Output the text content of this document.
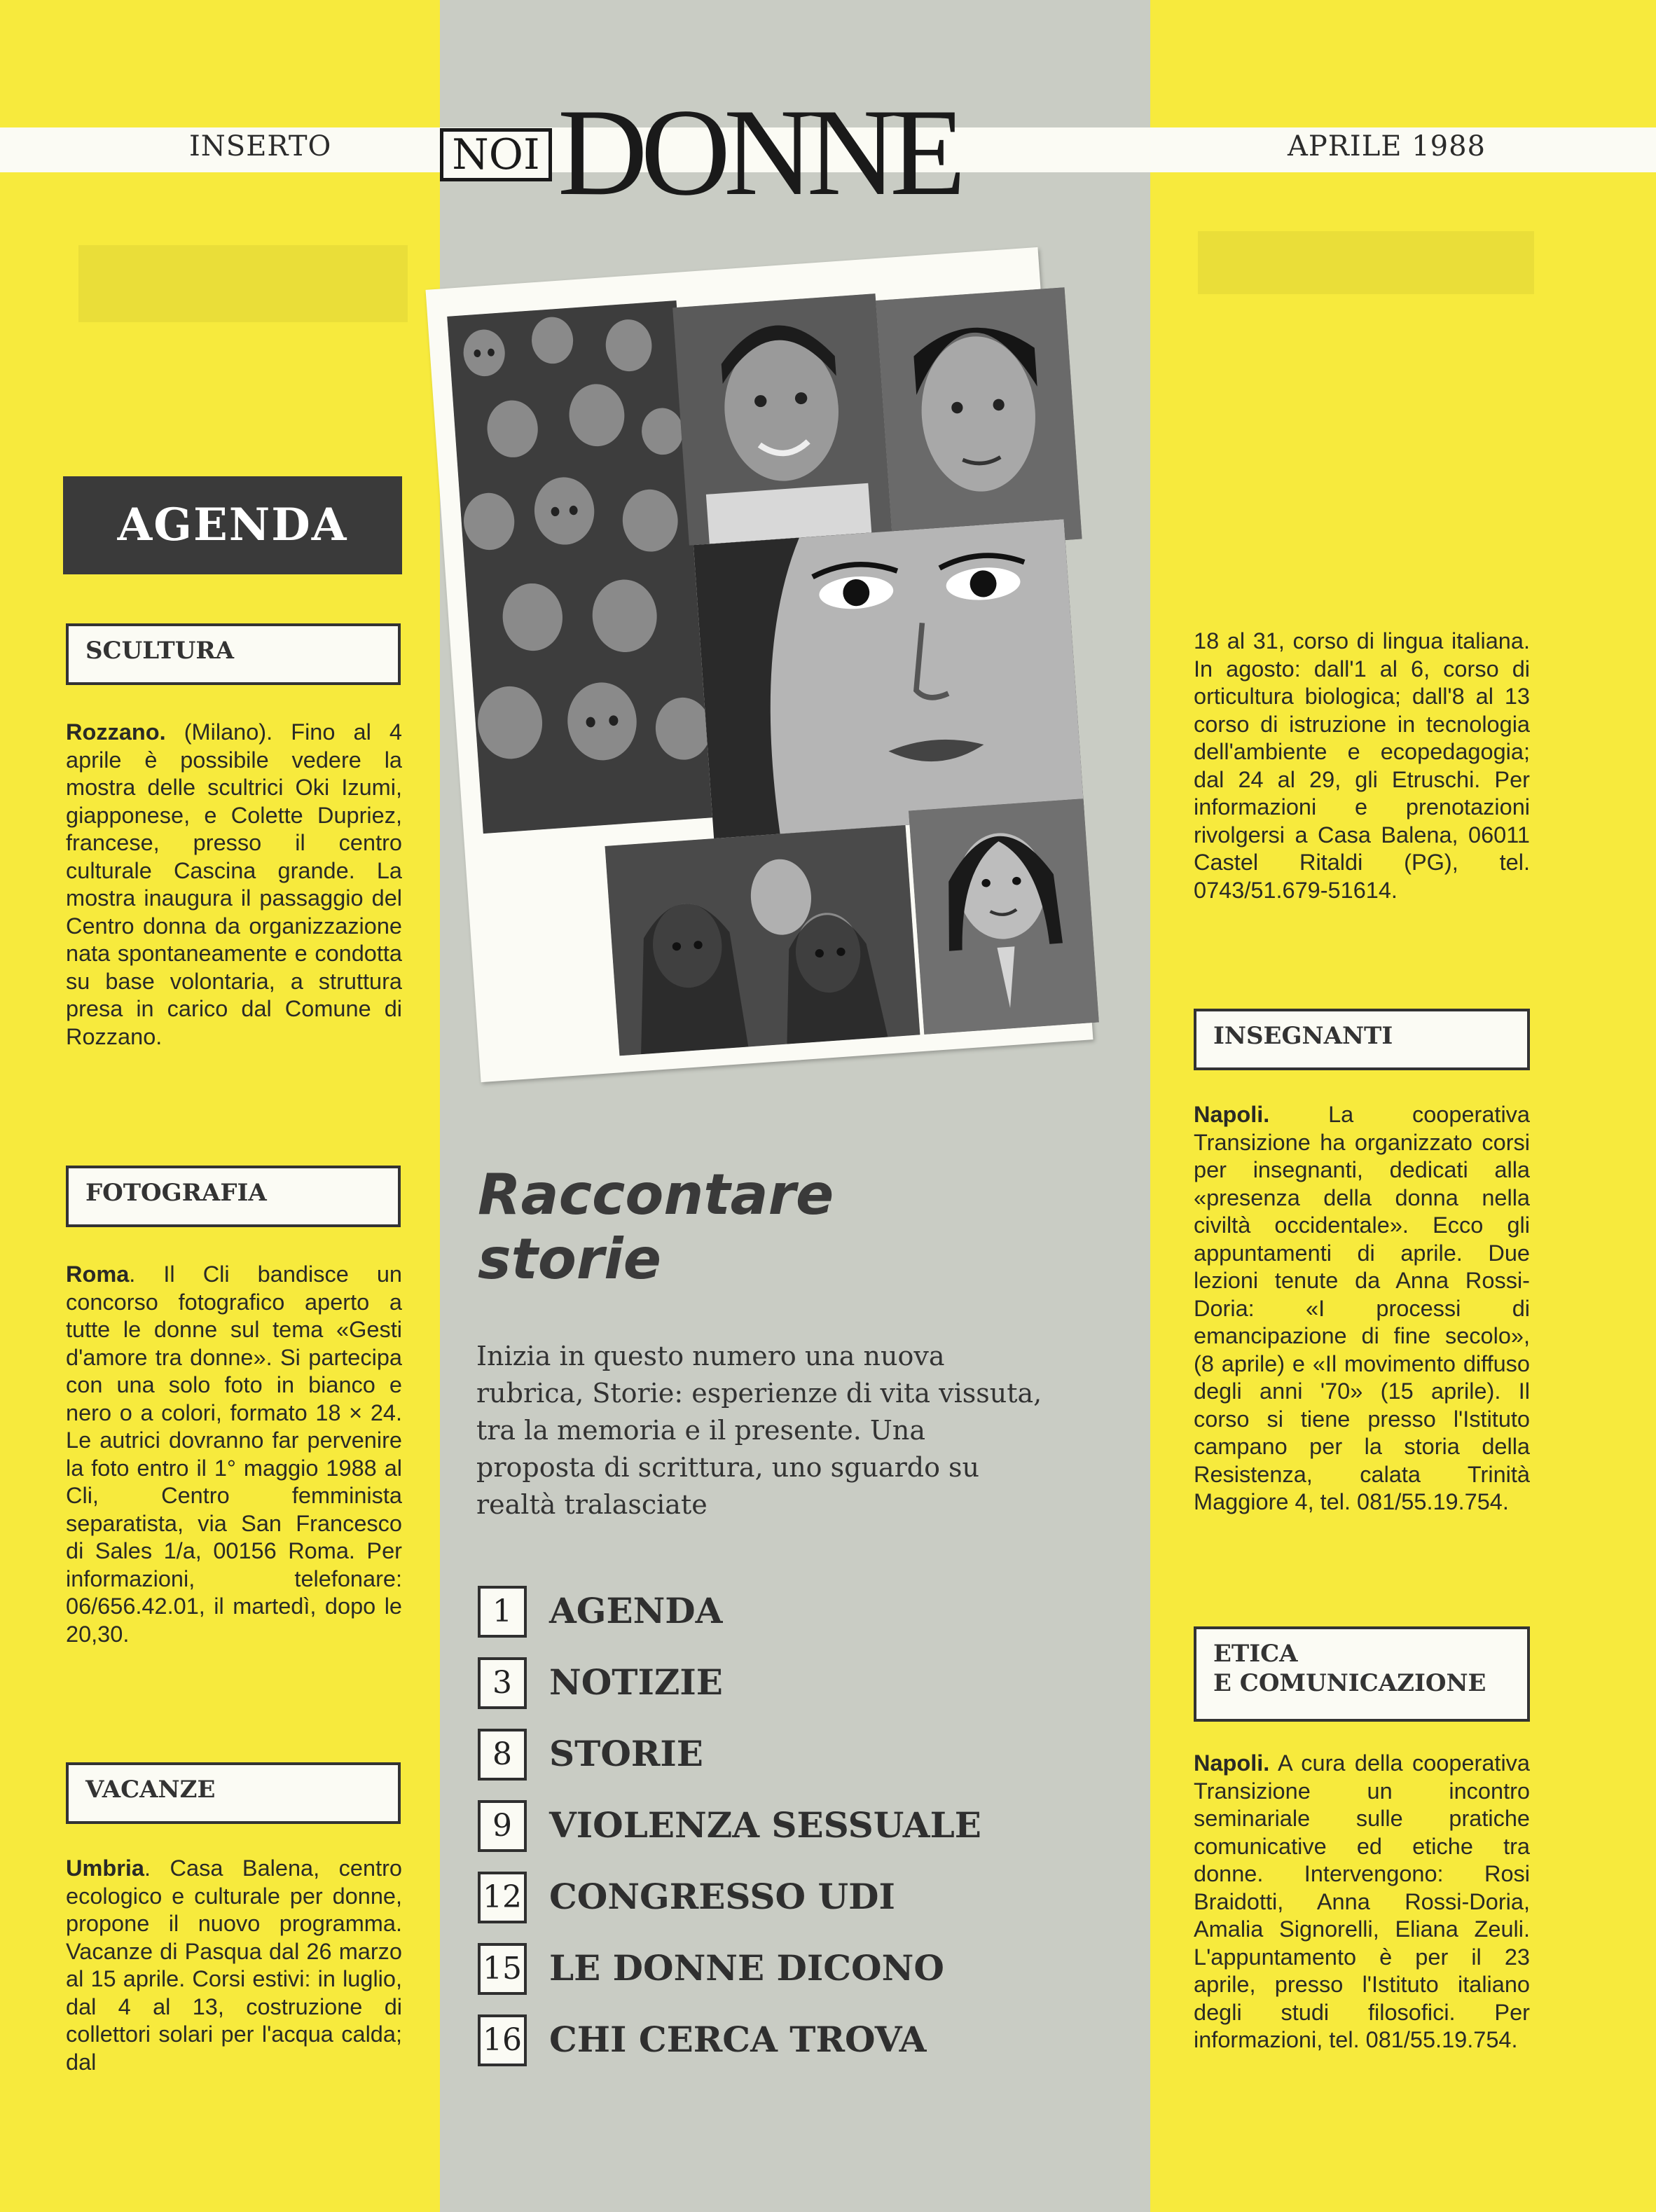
INSERTO	NOI DONNE	APRILE 1988
AGENDA
SCULTURA
Rozzano. (Milano). Fino al 4 aprile è possibile vedere la mostra delle scultrici Oki Izumi, giapponese, e Colette Dupriez, francese, presso il centro culturale Cascina grande. La mostra inaugura il passaggio del Centro donna da organizzazione nata spontaneamente e condotta su base volontaria, a struttura presa in carico dal Comune di Rozzano.
FOTOGRAFIA
Roma. Il Cli bandisce un concorso fotografico aperto a tutte le donne sul tema «Gesti d'amore tra donne». Si partecipa con una solo foto in bianco e nero o a colori, formato 18 × 24. Le autrici dovranno far pervenire la foto entro il 1° maggio 1988 al Cli, Centro femminista separatista, via San Francesco di Sales 1/a, 00156 Roma. Per informazioni, telefonare: 06/656.42.01, il martedì, dopo le 20,30.
VACANZE
Umbria. Casa Balena, centro ecologico e culturale per donne, propone il nuovo programma. Vacanze di Pasqua dal 26 marzo al 15 aprile. Corsi estivi: in luglio, dal 4 al 13, costruzione di collettori solari per l'acqua calda; dal
Raccontare
storie
Inizia in questo numero una nuova rubrica, Storie: esperienze di vita vissuta, tra la memoria e il presente. Una proposta di scrittura, uno sguardo su realtà tralasciate
1	AGENDA
3	NOTIZIE
8	STORIE
9	VIOLENZA SESSUALE
12 CONGRESSO UDI
15 LE DONNE DICONO
16 CHI CERCA TROVA
18 al 31, corso di lingua italiana. In agosto: dall'1 al 6, corso di orticultura biologica; dall'8 al 13 corso di istruzione in tecnologia dell'ambiente e ecopedagogia; dal 24 al 29, gli Etruschi. Per informazioni e prenotazioni rivolgersi a Casa Balena, 06011 Castel Ritaldi (PG), tel. 0743/51.679-51614.
INSEGNANTI
Napoli. La cooperativa Transizione ha organizzato corsi per insegnanti, dedicati alla «presenza della donna nella civiltà occidentale». Ecco gli appuntamenti di aprile. Due lezioni tenute da Anna Rossi-Doria: «I processi di emancipazione di fine secolo», (8 aprile) e «Il movimento diffuso degli anni '70» (15 aprile). Il corso si tiene presso l'Istituto campano per la storia della Resistenza, calata Trinità Maggiore 4, tel. 081/55.19.754.
ETICA
E COMUNICAZIONE
Napoli. A cura della cooperativa Transizione un incontro seminariale sulle pratiche comunicative ed etiche tra donne. Intervengono: Rosi Braidotti, Anna Rossi-Doria, Amalia Signorelli, Eliana Zeuli. L'appuntamento è per il 23 aprile, presso l'Istituto italiano degli studi filosofici. Per informazioni, tel. 081/55.19.754.
